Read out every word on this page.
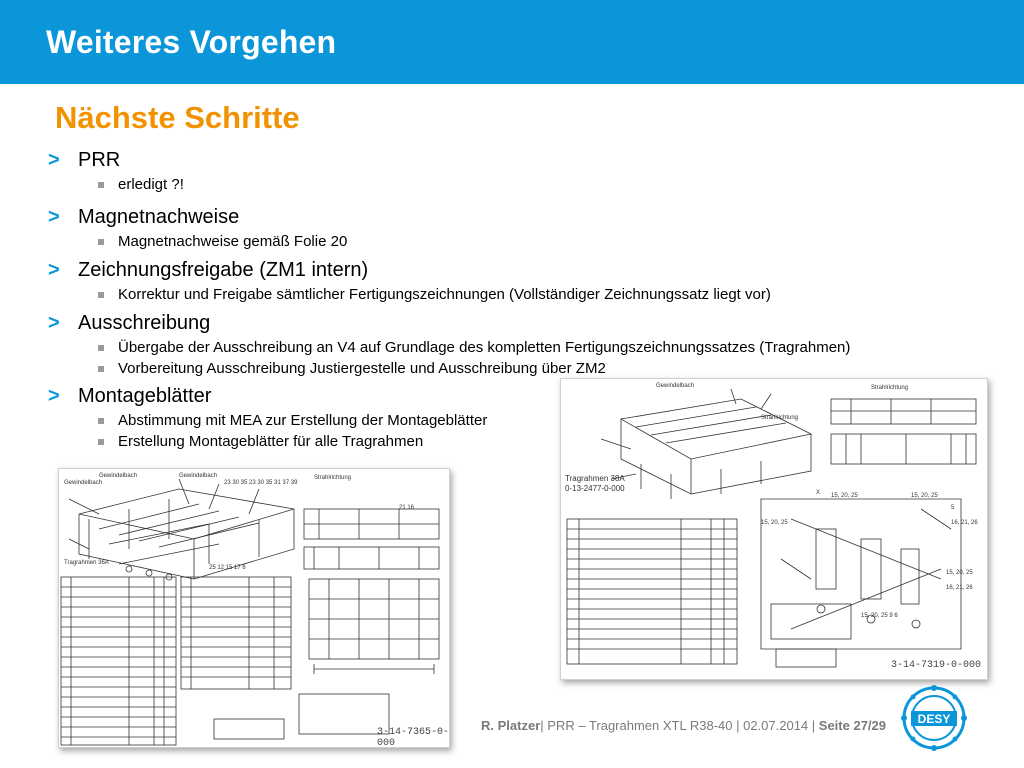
Weiteres Vorgehen
Nächste Schritte
> PRR
erledigt ?!
> Magnetnachweise
Magnetnachweise gemäß Folie 20
> Zeichnungsfreigabe (ZM1 intern)
Korrektur und Freigabe sämtlicher Fertigungszeichnungen (Vollständiger Zeichnungssatz liegt vor)
> Ausschreibung
Übergabe der Ausschreibung an V4 auf Grundlage des kompletten Fertigungszeichnungssatzes (Tragrahmen)
Vorbereitung Ausschreibung Justiergestelle und Ausschreibung über ZM2
> Montageblätter
Abstimmung mit MEA zur Erstellung der Montageblätter
Erstellung Montageblätter für alle Tragrahmen
Gewindelbach
Gewindelbach	Gewindelbach
23 30 35 23 30 35 31 37 39
Strahlrichtung
21 16
Tragrahmen 36A
25 12 15 17 6
3-14-7365-0-000
Gewindelbach	Strahlrichtung
Strahlrichtung
X 15, 20, 25	15, 20, 25
5
16, 21, 26
15, 20, 25
15, 20, 25
16, 21, 26
15, 20, 25 9 6
Tragrahmen 38A
0-13-2477-0-000
3-14-7319-0-000
R. Platzer| PRR – Tragrahmen XTL R38-40 | 02.07.2014 | Seite 27/29	DESY
